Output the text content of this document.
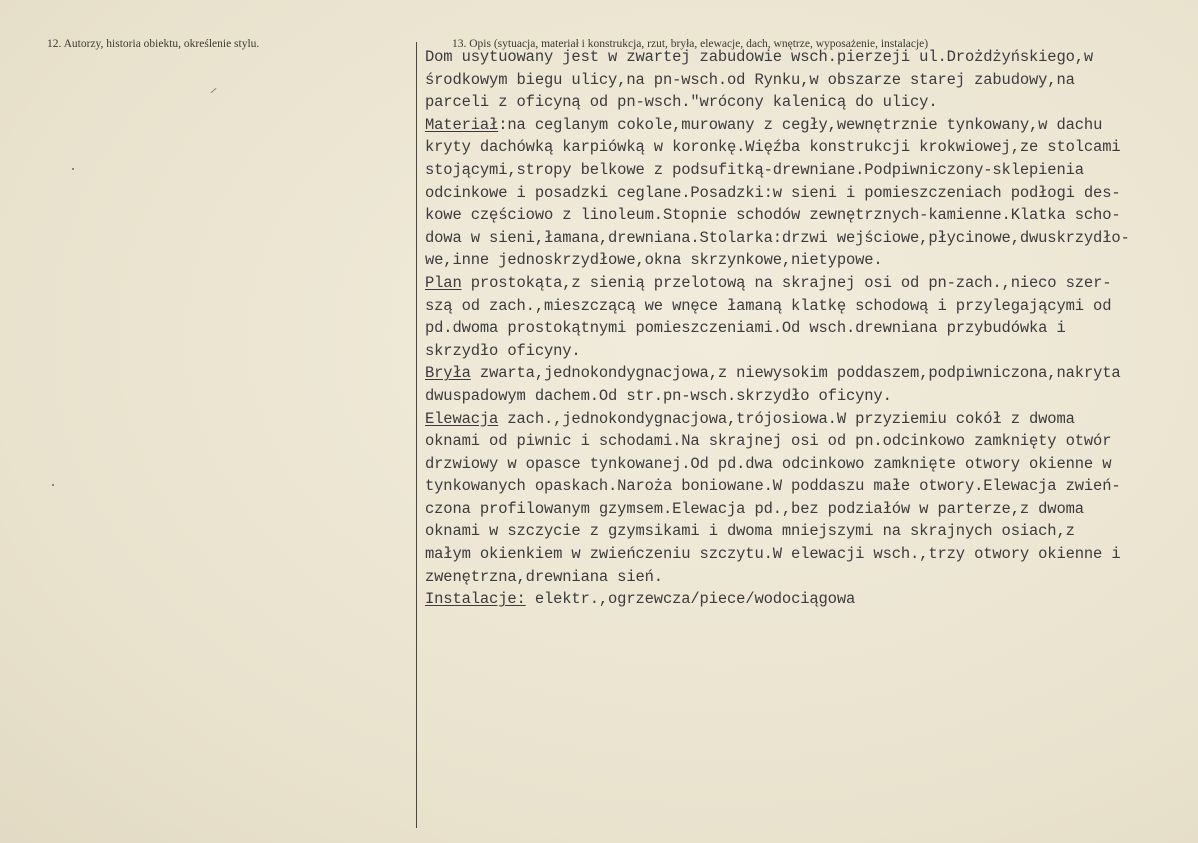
12. Autorzy, historia obiektu, określenie stylu.	13. Opis (sytuacja, materiał i konstrukcja, rzut, bryła, elewacje, dach, wnętrze, wyposażenie, instalacje)
Dom usytuowany jest w zwartej zabudowie wsch.pierzeji ul.Drożdżyńskiego,w
środkowym biegu ulicy,na pn-wsch.od Rynku,w obszarze starej zabudowy,na
parceli z oficyną od pn-wsch."wrócony kalenicą do ulicy.
Materiał:na ceglanym cokole,murowany z cegły,wewnętrznie tynkowany,w dachu
kryty dachówką karpiówką w koronkę.Więźba konstrukcji krokwiowej,ze stolcami
stojącymi,stropy belkowe z podsufitką-drewniane.Podpiwniczony-sklepienia
odcinkowe i posadzki ceglane.Posadzki:w sieni i pomieszczeniach podłogi des-
kowe częściowo z linoleum.Stopnie schodów zewnętrznych-kamienne.Klatka scho-
dowa w sieni,łamana,drewniana.Stolarka:drzwi wejściowe,płycinowe,dwuskrzydło-
we,inne jednoskrzydłowe,okna skrzynkowe,nietypowe.
Plan prostokąta,z sienią przelotową na skrajnej osi od pn-zach.,nieco szer-
szą od zach.,mieszczącą we wnęce łamaną klatkę schodową i przylegającymi od
pd.dwoma prostokątnymi pomieszczeniami.Od wsch.drewniana przybudówka i
skrzydło oficyny.
Bryła zwarta,jednokondygnacjowa,z niewysokim poddaszem,podpiwniczona,nakryta
dwuspadowym dachem.Od str.pn-wsch.skrzydło oficyny.
Elewacja zach.,jednokondygnacjowa,trójosiowa.W przyziemiu cokół z dwoma
oknami od piwnic i schodami.Na skrajnej osi od pn.odcinkowo zamknięty otwór
drzwiowy w opasce tynkowanej.Od pd.dwa odcinkowo zamknięte otwory okienne w
tynkowanych opaskach.Naroża boniowane.W poddaszu małe otwory.Elewacja zwień-
czona profilowanym gzymsem.Elewacja pd.,bez podziałów w parterze,z dwoma
oknami w szczycie z gzymsikami i dwoma mniejszymi na skrajnych osiach,z
małym okienkiem w zwieńczeniu szczytu.W elewacji wsch.,trzy otwory okienne i
zwenętrzna,drewniana sień.
Instalacje: elektr.,ogrzewcza/piece/wodociągowa
